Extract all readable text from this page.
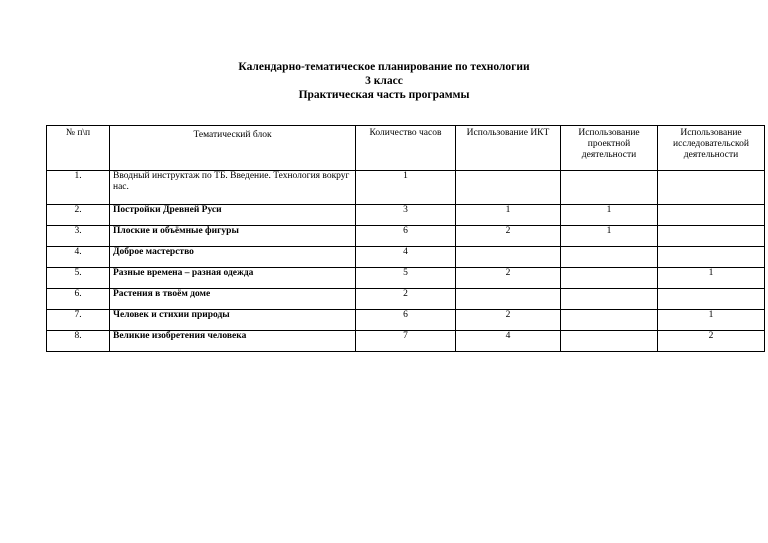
Календарно-тематическое планирование по технологии
3 класс
Практическая часть программы
№ п\п	Тематический блок	Количество часов	Использование ИКТ	Использование проектной деятельности	Использование исследовательской деятельности
1.	Вводный инструктаж по ТБ. Введение. Технология вокруг нас.	1			
2.	Постройки Древней Руси	3	1	1	
3.	Плоские и объёмные фигуры	6	2	1	
4.	Доброе мастерство	4			
5.	Разные времена – разная одежда	5	2		1
6.	Растения в твоём доме	2			
7.	Человек и стихии природы	6	2		1
8.	Великие изобретения человека	7	4		2
